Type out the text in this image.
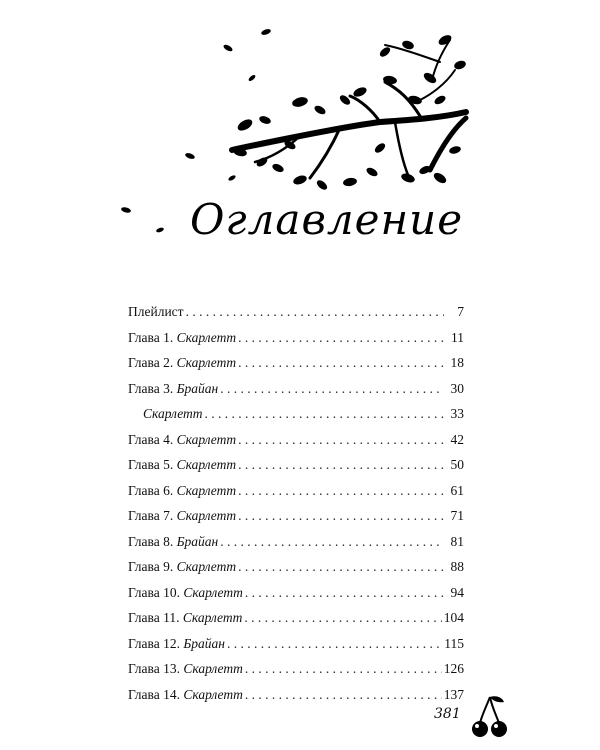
Оглавление
Плейлист . . .	7
Глава 1. Скарлетт . . .	11
Глава 2. Скарлетт . . .	18
Глава 3. Брайан . . .	30
Скарлетт . . .	33
Глава 4. Скарлетт . . .	42
Глава 5. Скарлетт . . .	50
Глава 6. Скарлетт . . .	61
Глава 7. Скарлетт . . .	71
Глава 8. Брайан . . .	81
Глава 9. Скарлетт . . .	88
Глава 10. Скарлетт . . .	94
Глава 11. Скарлетт . . .	104
Глава 12. Брайан . . .	115
Глава 13. Скарлетт . . .	126
Глава 14. Скарлетт . . .	137
381
